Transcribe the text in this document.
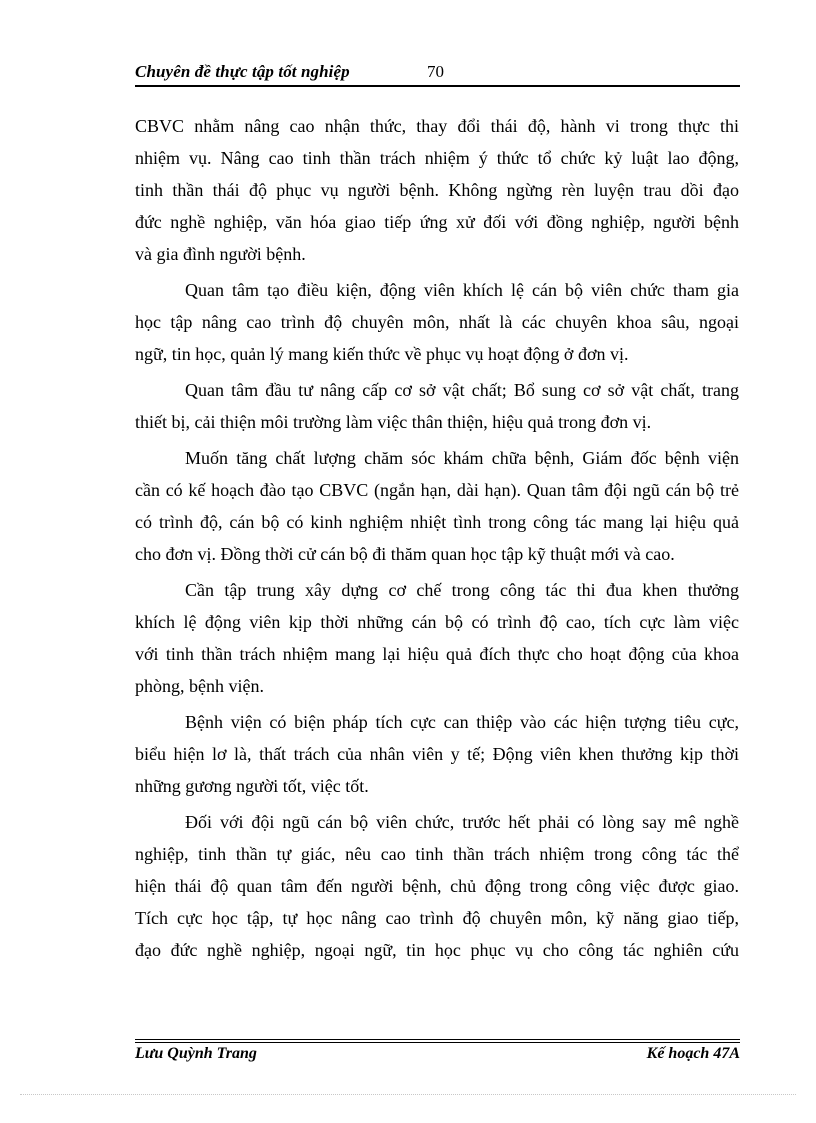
Chuyên đề thực tập tốt nghiệp	70
CBVC nhằm nâng cao nhận thức, thay đổi thái độ, hành vi trong thực thi
nhiệm vụ. Nâng cao tinh thần trách nhiệm ý thức tổ chức kỷ luật lao động,
tinh thần thái độ phục vụ người bệnh. Không ngừng rèn luyện trau dồi đạo
đức nghề nghiệp, văn hóa giao tiếp ứng xử đối với đồng nghiệp, người bệnh
và gia đình người bệnh.
Quan tâm tạo điều kiện, động viên khích lệ cán bộ viên chức tham gia
học tập nâng cao trình độ chuyên môn, nhất là các chuyên khoa sâu, ngoại
ngữ, tin học, quản lý mang kiến thức về phục vụ hoạt động ở đơn vị.
Quan tâm đầu tư nâng cấp cơ sở vật chất; Bổ sung cơ sở vật chất, trang
thiết bị, cải thiện môi trường làm việc thân thiện, hiệu quả trong đơn vị.
Muốn tăng chất lượng chăm sóc khám chữa bệnh, Giám đốc bệnh viện
cần có kế hoạch đào tạo CBVC (ngắn hạn, dài hạn). Quan tâm đội ngũ cán bộ trẻ
có trình độ, cán bộ có kinh nghiệm nhiệt tình trong công tác mang lại hiệu quả
cho đơn vị. Đồng thời cử cán bộ đi thăm quan học tập kỹ thuật mới và cao.
Cần tập trung xây dựng cơ chế trong công tác thi đua khen thưởng
khích lệ động viên kịp thời những cán bộ có trình độ cao, tích cực làm việc
với tinh thần trách nhiệm mang lại hiệu quả đích thực cho hoạt động của khoa
phòng, bệnh viện.
Bệnh viện có biện pháp tích cực can thiệp vào các hiện tượng tiêu cực,
biểu hiện lơ là, thất trách của nhân viên y tế; Động viên khen thưởng kịp thời
những gương người tốt, việc tốt.
Đối với đội ngũ cán bộ viên chức, trước hết phải có lòng say mê nghề
nghiệp, tinh thần tự giác, nêu cao tinh thần trách nhiệm trong công tác thể
hiện thái độ quan tâm đến người bệnh, chủ động trong công việc được giao.
Tích cực học tập, tự học nâng cao trình độ chuyên môn, kỹ năng giao tiếp,
đạo đức nghề nghiệp, ngoại ngữ, tin học phục vụ cho công tác nghiên cứu
Lưu Quỳnh Trang	Kế hoạch 47A
